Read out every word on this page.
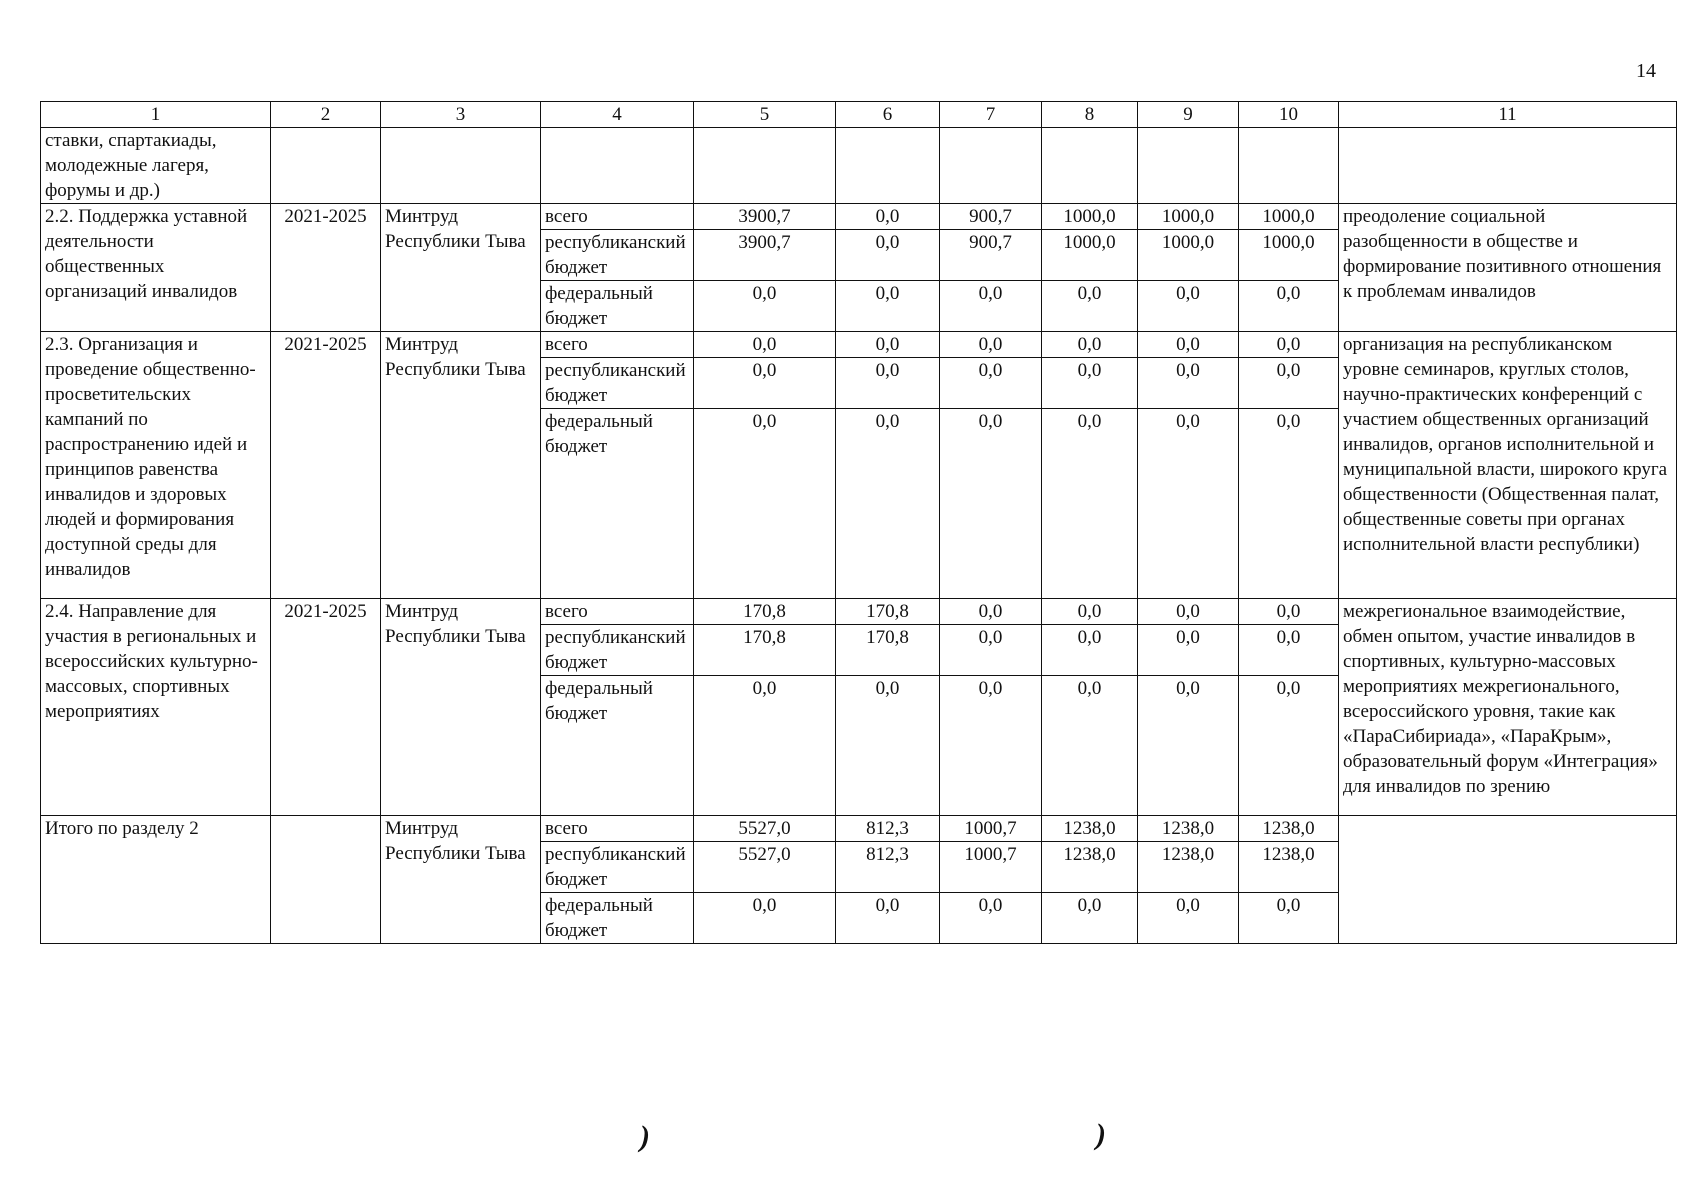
14
1	2	3	4	5	6	7	8	9	10	11
ставки, спартакиады, молодежные лагеря, форумы и др.)										
2.2. Поддержка уставной деятельности общественных организаций инвалидов	2021-2025	Минтруд Республики Тыва	всего	3900,7	0,0	900,7	1000,0	1000,0	1000,0	преодоление социальной разобщенности в обществе и формирование позитивного отношения к проблемам инвалидов
			республиканский бюджет	3900,7	0,0	900,7	1000,0	1000,0	1000,0	
			федеральный бюджет	0,0	0,0	0,0	0,0	0,0	0,0	
2.3. Организация и проведение общественно-просветительских кампаний по распространению идей и принципов равенства инвалидов и здоровых людей и формирования доступной среды для инвалидов	2021-2025	Минтруд Республики Тыва	всего	0,0	0,0	0,0	0,0	0,0	0,0	организация на республиканском уровне семинаров, круглых столов, научно-практических конференций с участием общественных организаций инвалидов, органов исполнительной и муниципальной власти, широкого круга общественности (Общественная палат, общественные советы при органах исполнительной власти республики)
			республиканский бюджет	0,0	0,0	0,0	0,0	0,0	0,0	
			федеральный бюджет	0,0	0,0	0,0	0,0	0,0	0,0	
2.4. Направление для участия в региональных и всероссийских культурно-массовых, спортивных мероприятиях	2021-2025	Минтруд Республики Тыва	всего	170,8	170,8	0,0	0,0	0,0	0,0	межрегиональное взаимодействие, обмен опытом, участие инвалидов в спортивных, культурно-массовых мероприятиях межрегионального, всероссийского уровня, такие как «ПараСибириада», «ПараКрым», образовательный форум «Интеграция» для инвалидов по зрению
			республиканский бюджет	170,8	170,8	0,0	0,0	0,0	0,0	
			федеральный бюджет	0,0	0,0	0,0	0,0	0,0	0,0	
Итого по разделу 2		Минтруд Республики Тыва	всего	5527,0	812,3	1000,7	1238,0	1238,0	1238,0	
			республиканский бюджет	5527,0	812,3	1000,7	1238,0	1238,0	1238,0	
			федеральный бюджет	0,0	0,0	0,0	0,0	0,0	0,0	
)	)
